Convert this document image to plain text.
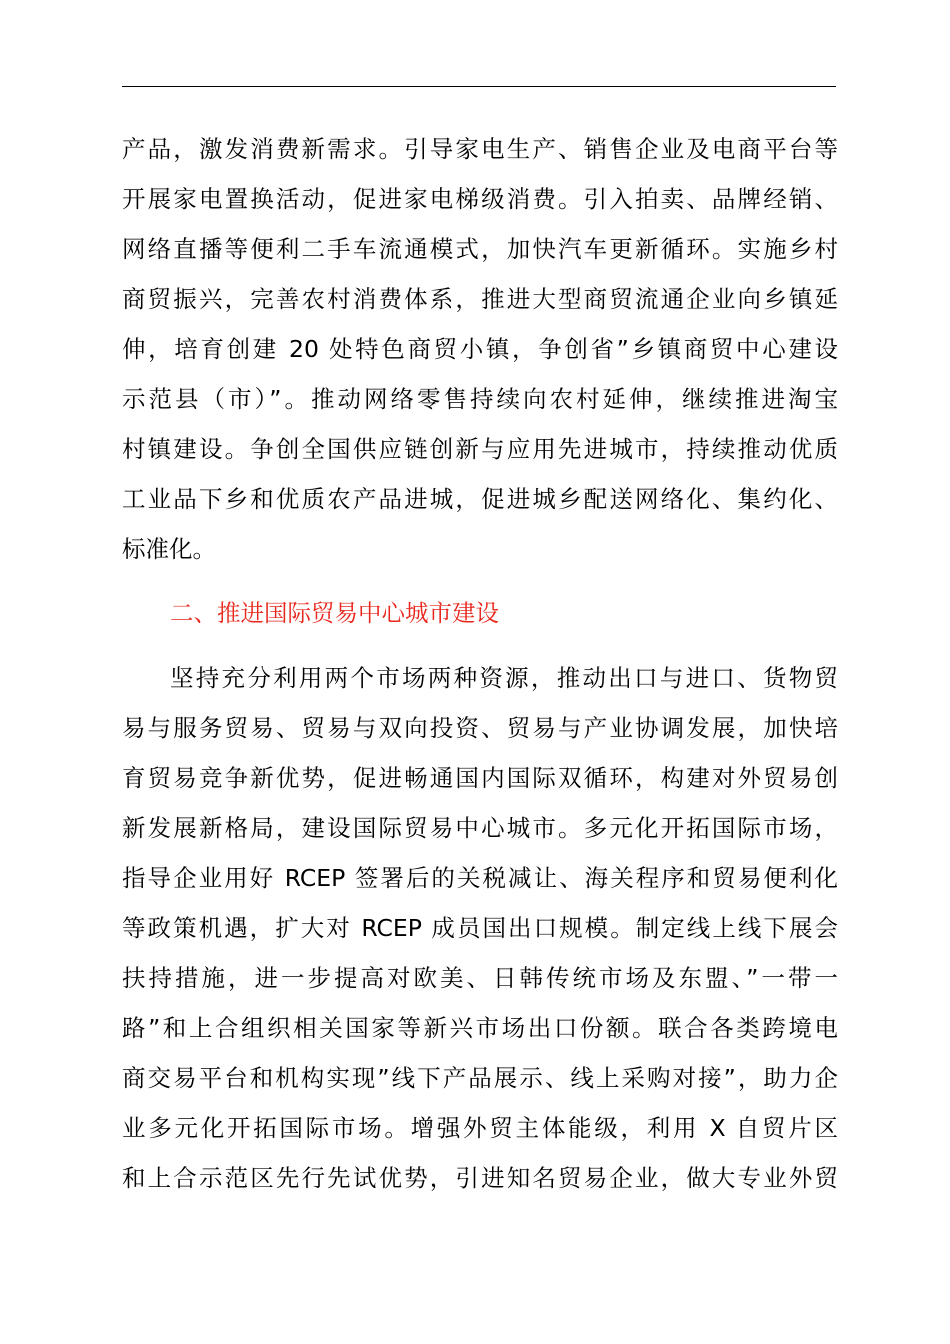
产品，激发消费新需求。引导家电生产、销售企业及电商平台等
开展家电置换活动，促进家电梯级消费。引入拍卖、品牌经销、
网络直播等便利二手车流通模式，加快汽车更新循环。实施乡村
商贸振兴，完善农村消费体系，推进大型商贸流通企业向乡镇延
伸，培育创建 20 处特色商贸小镇，争创省”乡镇商贸中心建设
示范县（市）”。推动网络零售持续向农村延伸，继续推进淘宝
村镇建设。争创全国供应链创新与应用先进城市，持续推动优质
工业品下乡和优质农产品进城，促进城乡配送网络化、集约化、
标准化。
二、推进国际贸易中心城市建设
坚持充分利用两个市场两种资源，推动出口与进口、货物贸
易与服务贸易、贸易与双向投资、贸易与产业协调发展，加快培
育贸易竞争新优势，促进畅通国内国际双循环，构建对外贸易创
新发展新格局，建设国际贸易中心城市。多元化开拓国际市场，
指导企业用好 RCEP 签署后的关税减让、海关程序和贸易便利化
等政策机遇，扩大对 RCEP 成员国出口规模。制定线上线下展会
扶持措施，进一步提高对欧美、日韩传统市场及东盟、”一带一
路”和上合组织相关国家等新兴市场出口份额。联合各类跨境电
商交易平台和机构实现”线下产品展示、线上采购对接”，助力企
业多元化开拓国际市场。增强外贸主体能级，利用 X 自贸片区
和上合示范区先行先试优势，引进知名贸易企业，做大专业外贸
